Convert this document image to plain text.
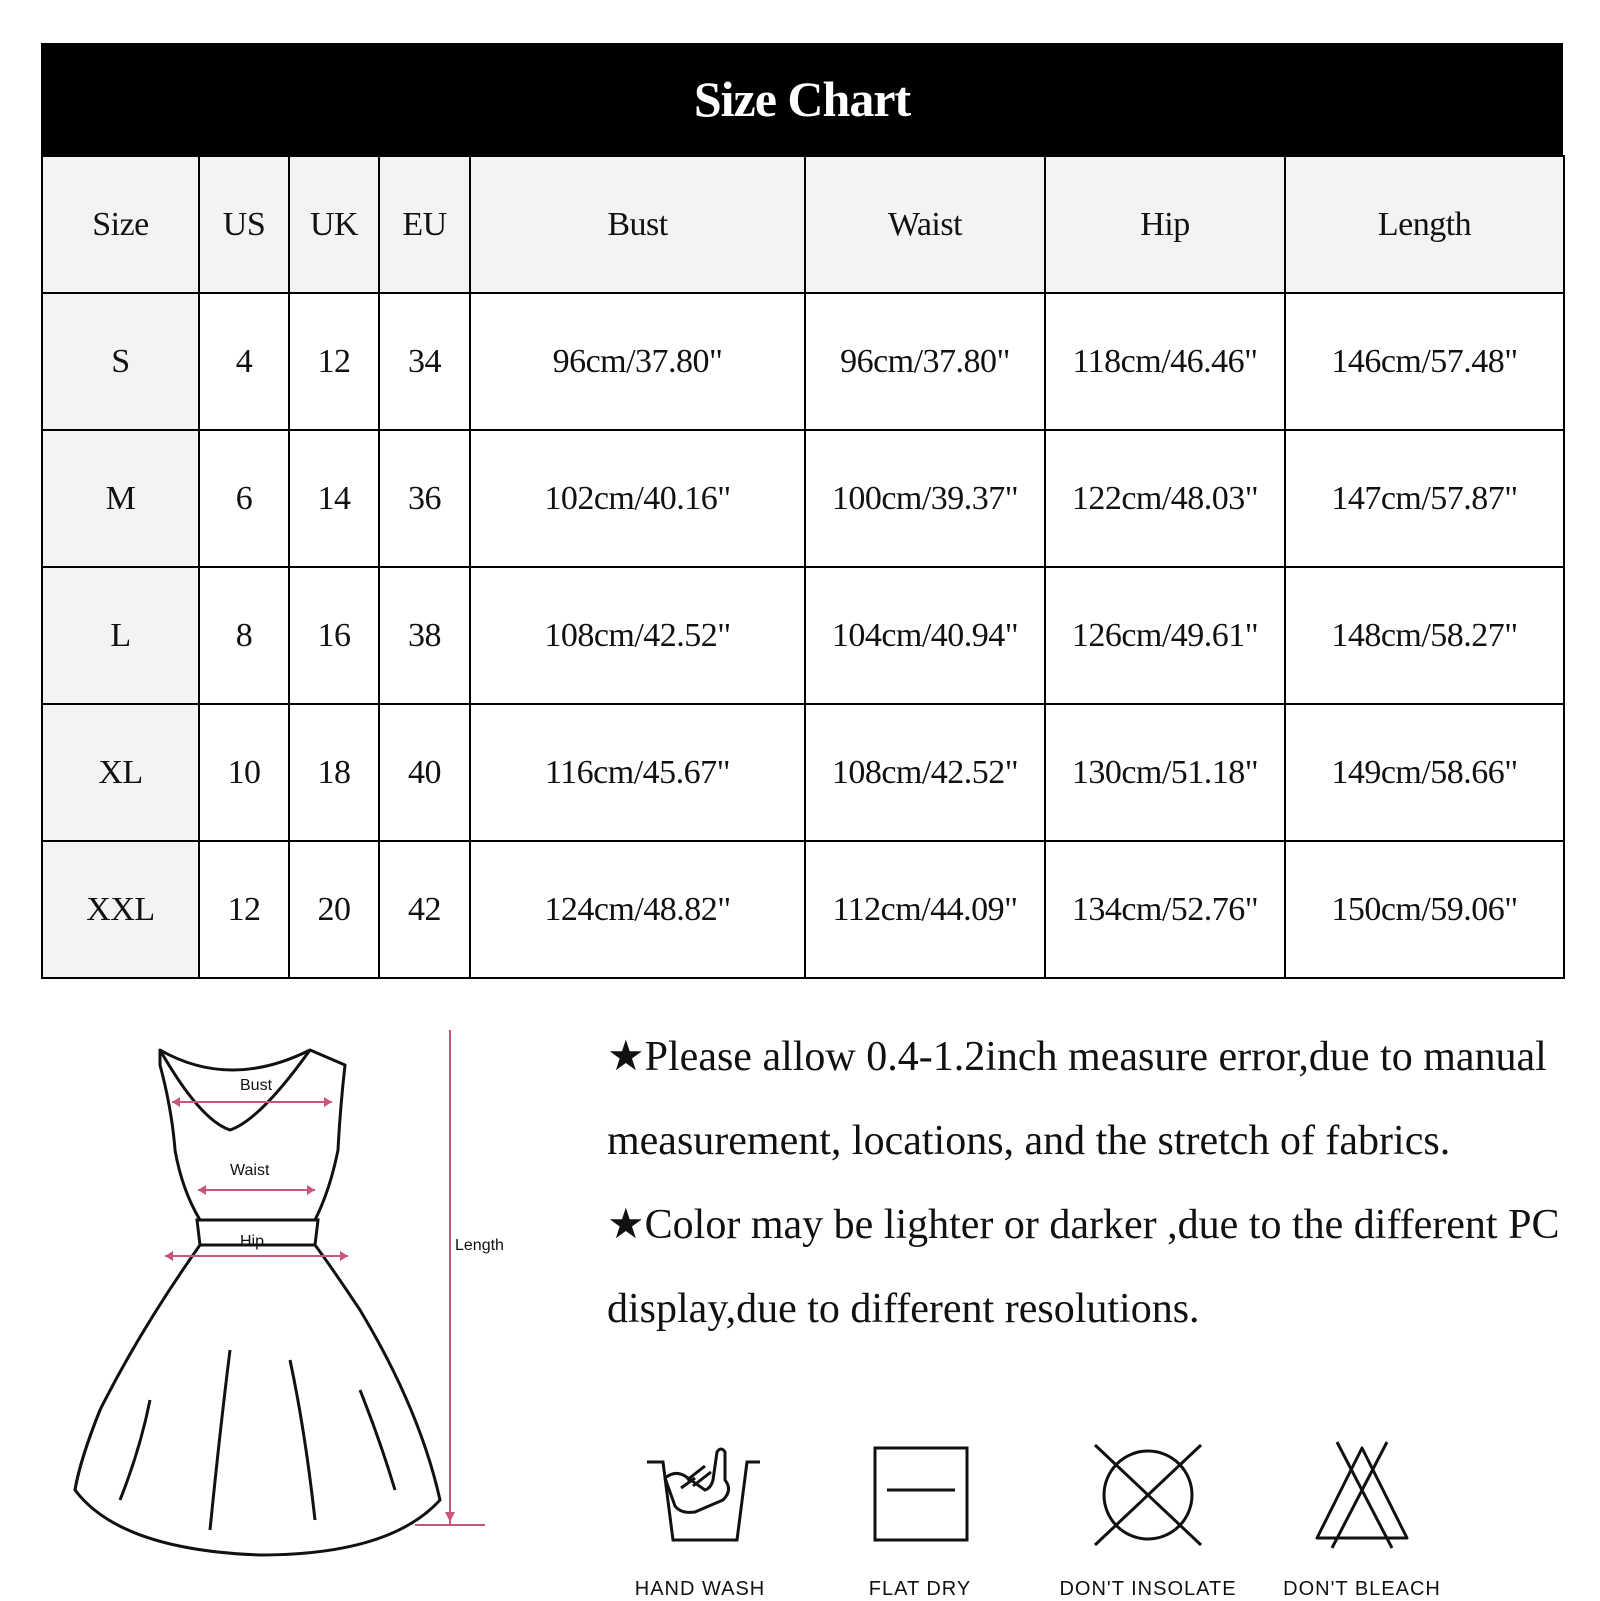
Size Chart
Size	US	UK	EU	Bust	Waist	Hip	Length
S	4	12	34	96cm/37.80"	96cm/37.80"	118cm/46.46"	146cm/57.48"
M	6	14	36	102cm/40.16"	100cm/39.37"	122cm/48.03"	147cm/57.87"
L	8	16	38	108cm/42.52"	104cm/40.94"	126cm/49.61"	148cm/58.27"
XL	10	18	40	116cm/45.67"	108cm/42.52"	130cm/51.18"	149cm/58.66"
XXL	12	20	42	124cm/48.82"	112cm/44.09"	134cm/52.76"	150cm/59.06"
Bust
Waist
Hip	Length

★Please allow 0.4-1.2inch measure error,due to manual measurement, locations, and the stretch of fabrics.

★Color may be lighter or darker ,due to the different PC display,due to different resolutions.

HAND WASH	FLAT DRY	DON'T INSOLATE	DON'T BLEACH
